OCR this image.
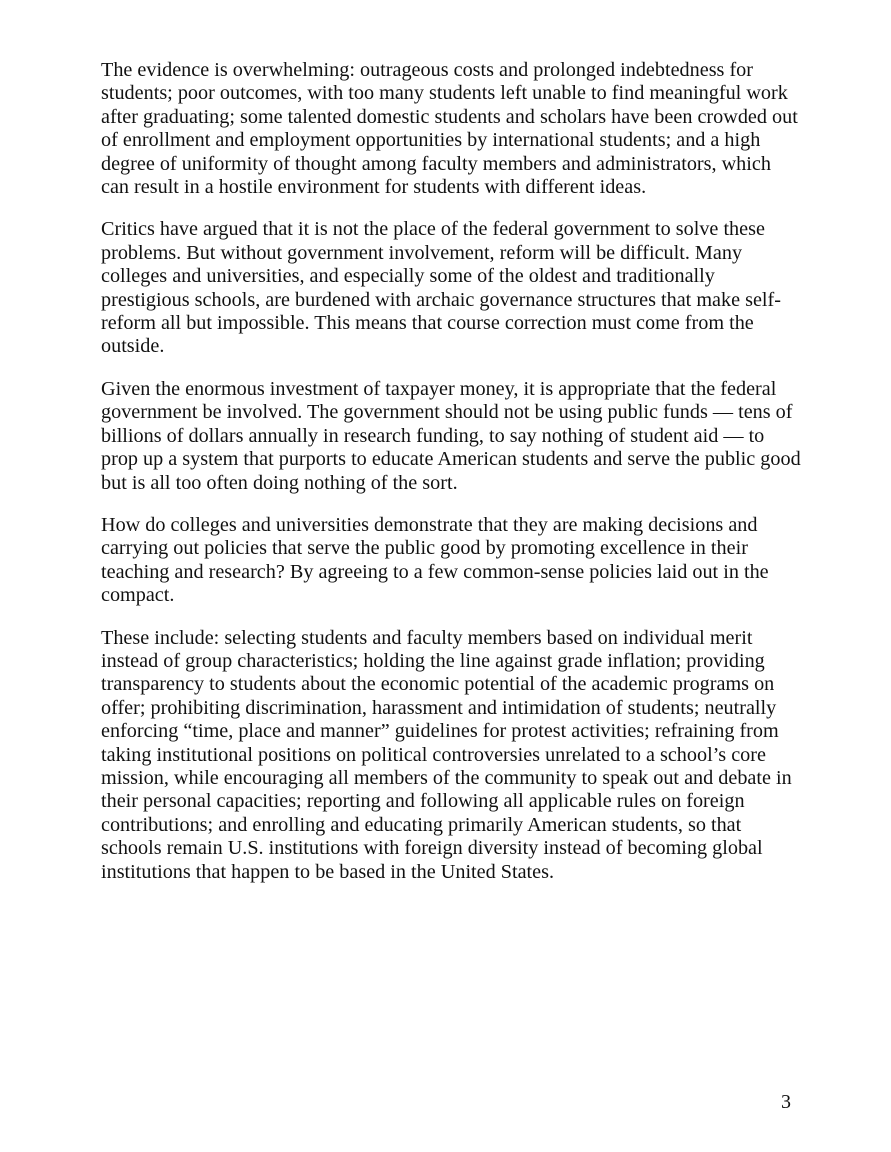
The evidence is overwhelming: outrageous costs and prolonged indebtedness for students; poor outcomes, with too many students left unable to find meaningful work after graduating; some talented domestic students and scholars have been crowded out of enrollment and employment opportunities by international students; and a high degree of uniformity of thought among faculty members and administrators, which can result in a hostile environment for students with different ideas.

Critics have argued that it is not the place of the federal government to solve these problems. But without government involvement, reform will be difficult. Many colleges and universities, and especially some of the oldest and traditionally prestigious schools, are burdened with archaic governance structures that make self-reform all but impossible. This means that course correction must come from the outside.

Given the enormous investment of taxpayer money, it is appropriate that the federal government be involved. The government should not be using public funds — tens of billions of dollars annually in research funding, to say nothing of student aid — to prop up a system that purports to educate American students and serve the public good but is all too often doing nothing of the sort.

How do colleges and universities demonstrate that they are making decisions and carrying out policies that serve the public good by promoting excellence in their teaching and research? By agreeing to a few common-sense policies laid out in the compact.

These include: selecting students and faculty members based on individual merit instead of group characteristics; holding the line against grade inflation; providing transparency to students about the economic potential of the academic programs on offer; prohibiting discrimination, harassment and intimidation of students; neutrally enforcing “time, place and manner” guidelines for protest activities; refraining from taking institutional positions on political controversies unrelated to a school’s core mission, while encouraging all members of the community to speak out and debate in their personal capacities; reporting and following all applicable rules on foreign contributions; and enrolling and educating primarily American students, so that schools remain U.S. institutions with foreign diversity instead of becoming global institutions that happen to be based in the United States.

3
